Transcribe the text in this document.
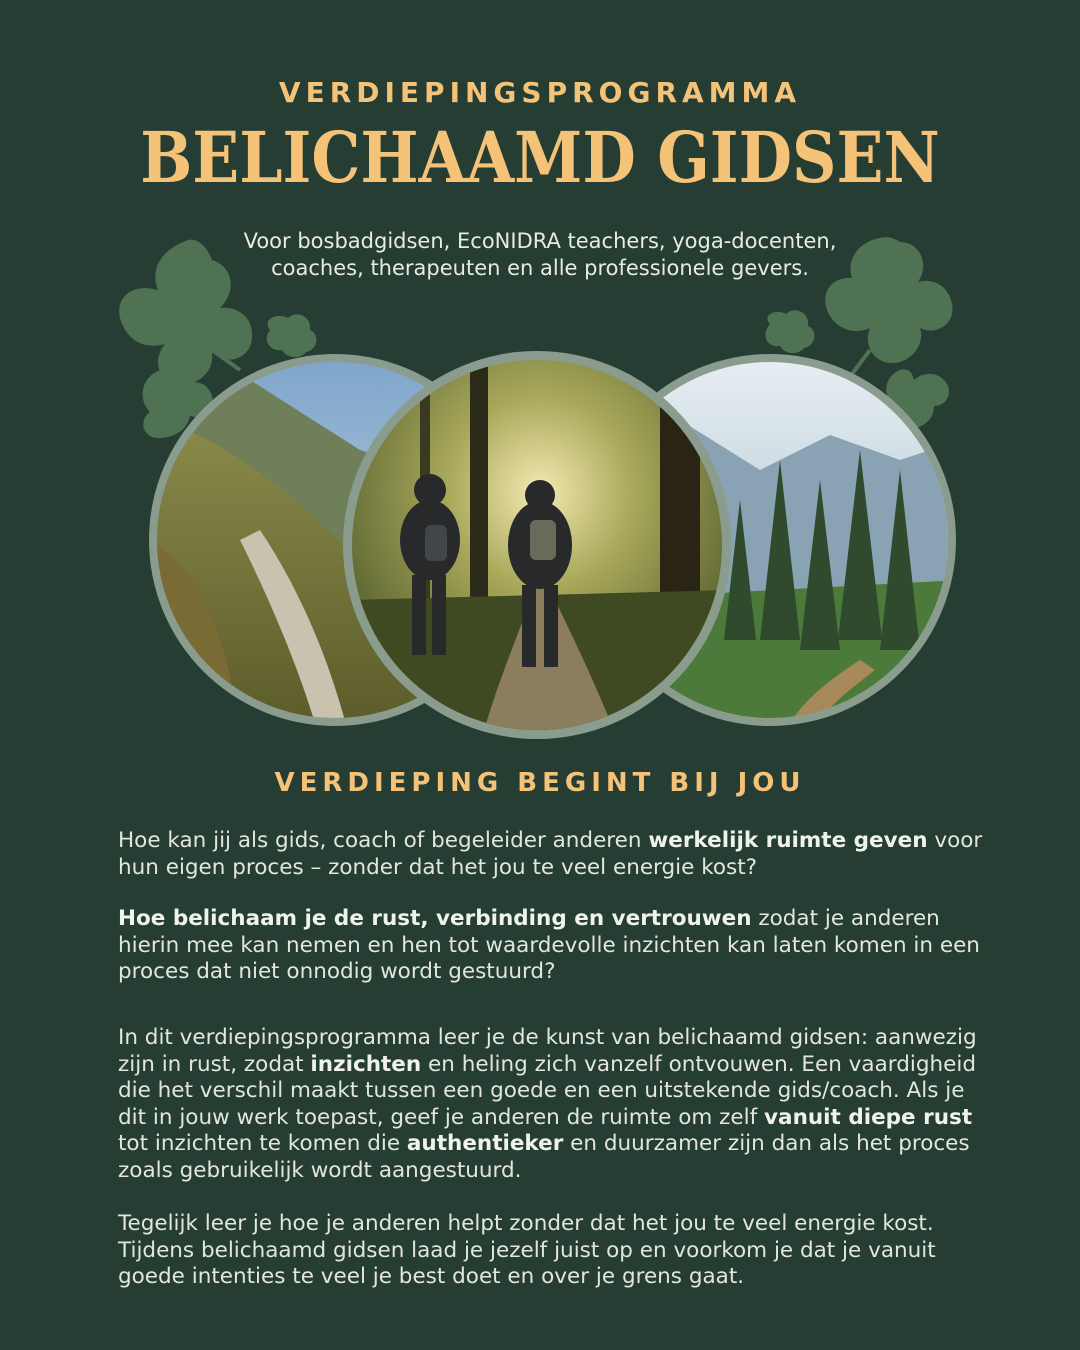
VERDIEPINGSPROGRAMMA
BELICHAAMD GIDSEN
Voor bosbadgidsen, EcoNIDRA teachers, yoga-docenten,
coaches, therapeuten en alle professionele gevers.
VERDIEPING BEGINT BIJ JOU
Hoe kan jij als gids, coach of begeleider anderen werkelijk ruimte geven voor hun eigen proces – zonder dat het jou te veel energie kost?
Hoe belichaam je de rust, verbinding en vertrouwen zodat je anderen hierin mee kan nemen en hen tot waardevolle inzichten kan laten komen in een proces dat niet onnodig wordt gestuurd?
In dit verdiepingsprogramma leer je de kunst van belichaamd gidsen: aanwezig zijn in rust, zodat inzichten en heling zich vanzelf ontvouwen. Een vaardigheid die het verschil maakt tussen een goede en een uitstekende gids/coach. Als je dit in jouw werk toepast, geef je anderen de ruimte om zelf vanuit diepe rust tot inzichten te komen die authentieker en duurzamer zijn dan als het proces zoals gebruikelijk wordt aangestuurd.
Tegelijk leer je hoe je anderen helpt zonder dat het jou te veel energie kost. Tijdens belichaamd gidsen laad je jezelf juist op en voorkom je dat je vanuit goede intenties te veel je best doet en over je grens gaat.
